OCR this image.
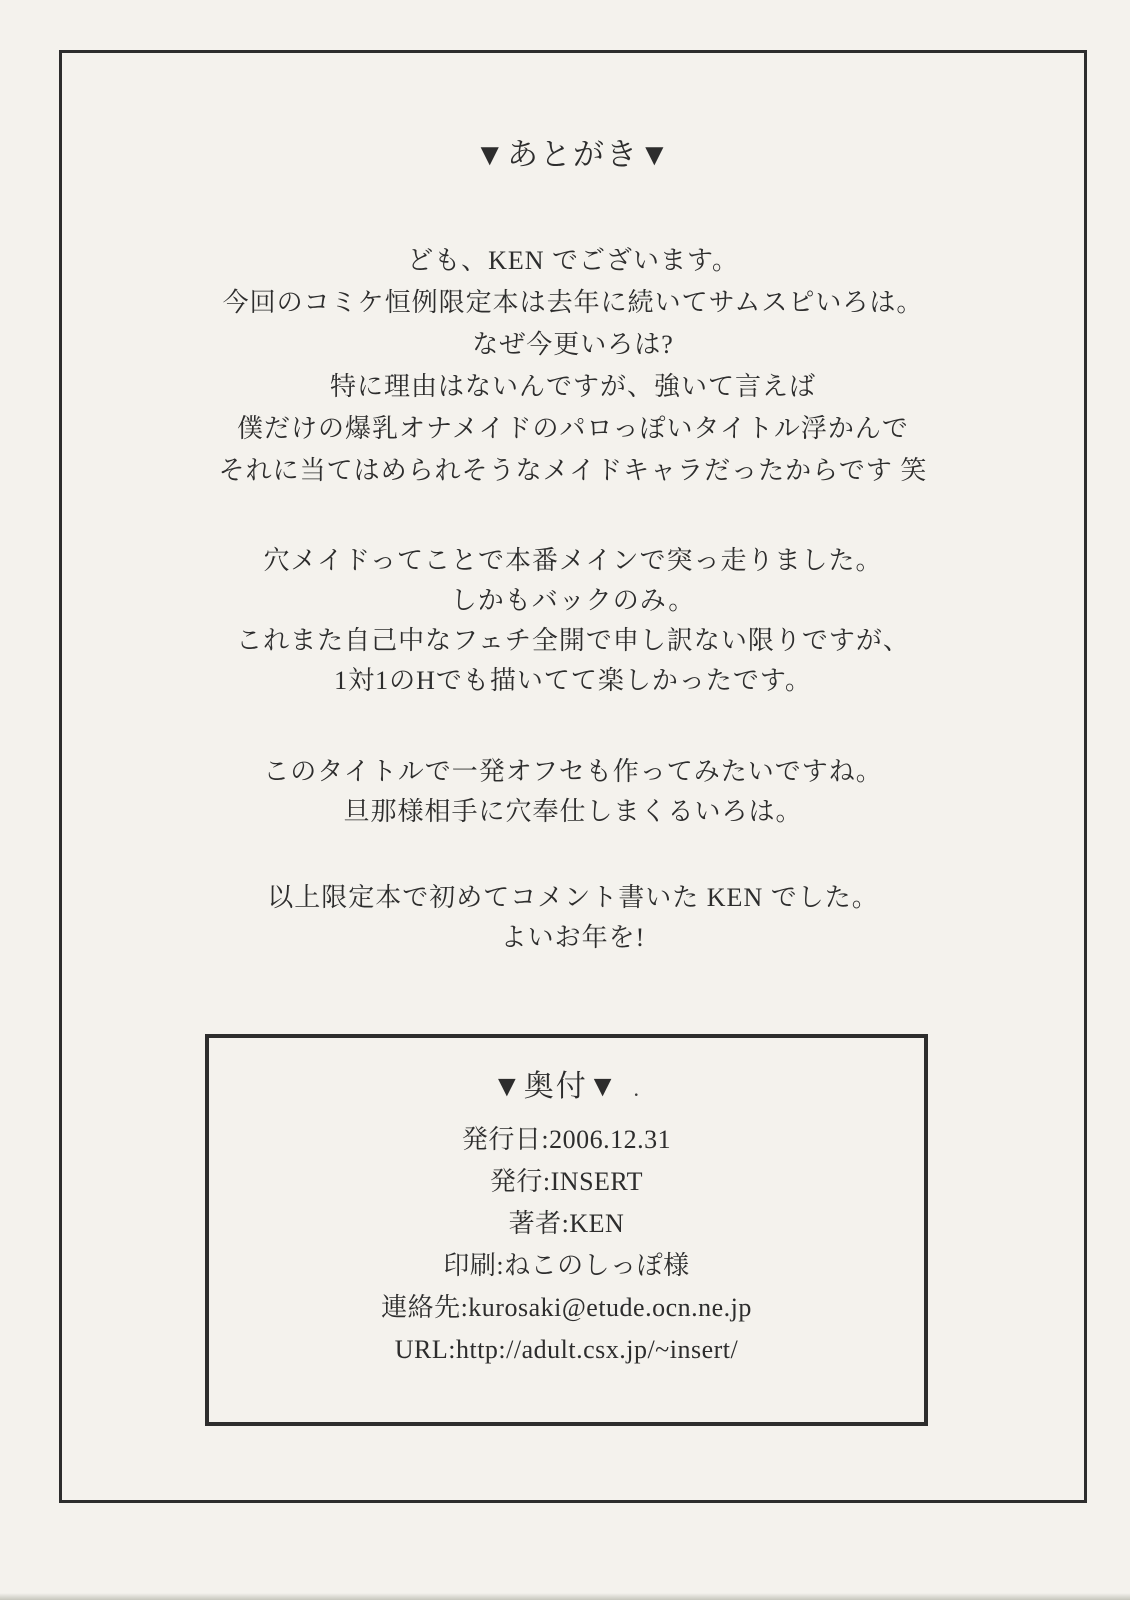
▼あとがき▼
ども、KEN でございます。
今回のコミケ恒例限定本は去年に続いてサムスピいろは。
なぜ今更いろは?
特に理由はないんですが、強いて言えば
僕だけの爆乳オナメイドのパロっぽいタイトル浮かんで
それに当てはめられそうなメイドキャラだったからです 笑
穴メイドってことで本番メインで突っ走りました。
しかもバックのみ。
これまた自己中なフェチ全開で申し訳ない限りですが、
1対1のHでも描いてて楽しかったです。
このタイトルで一発オフセも作ってみたいですね。
旦那様相手に穴奉仕しまくるいろは。
以上限定本で初めてコメント書いた KEN でした。
よいお年を!
▼奥付▼ .
発行日:2006.12.31
発行:INSERT
著者:KEN
印刷:ねこのしっぽ様
連絡先:kurosaki@etude.ocn.ne.jp
URL:http://adult.csx.jp/~insert/
